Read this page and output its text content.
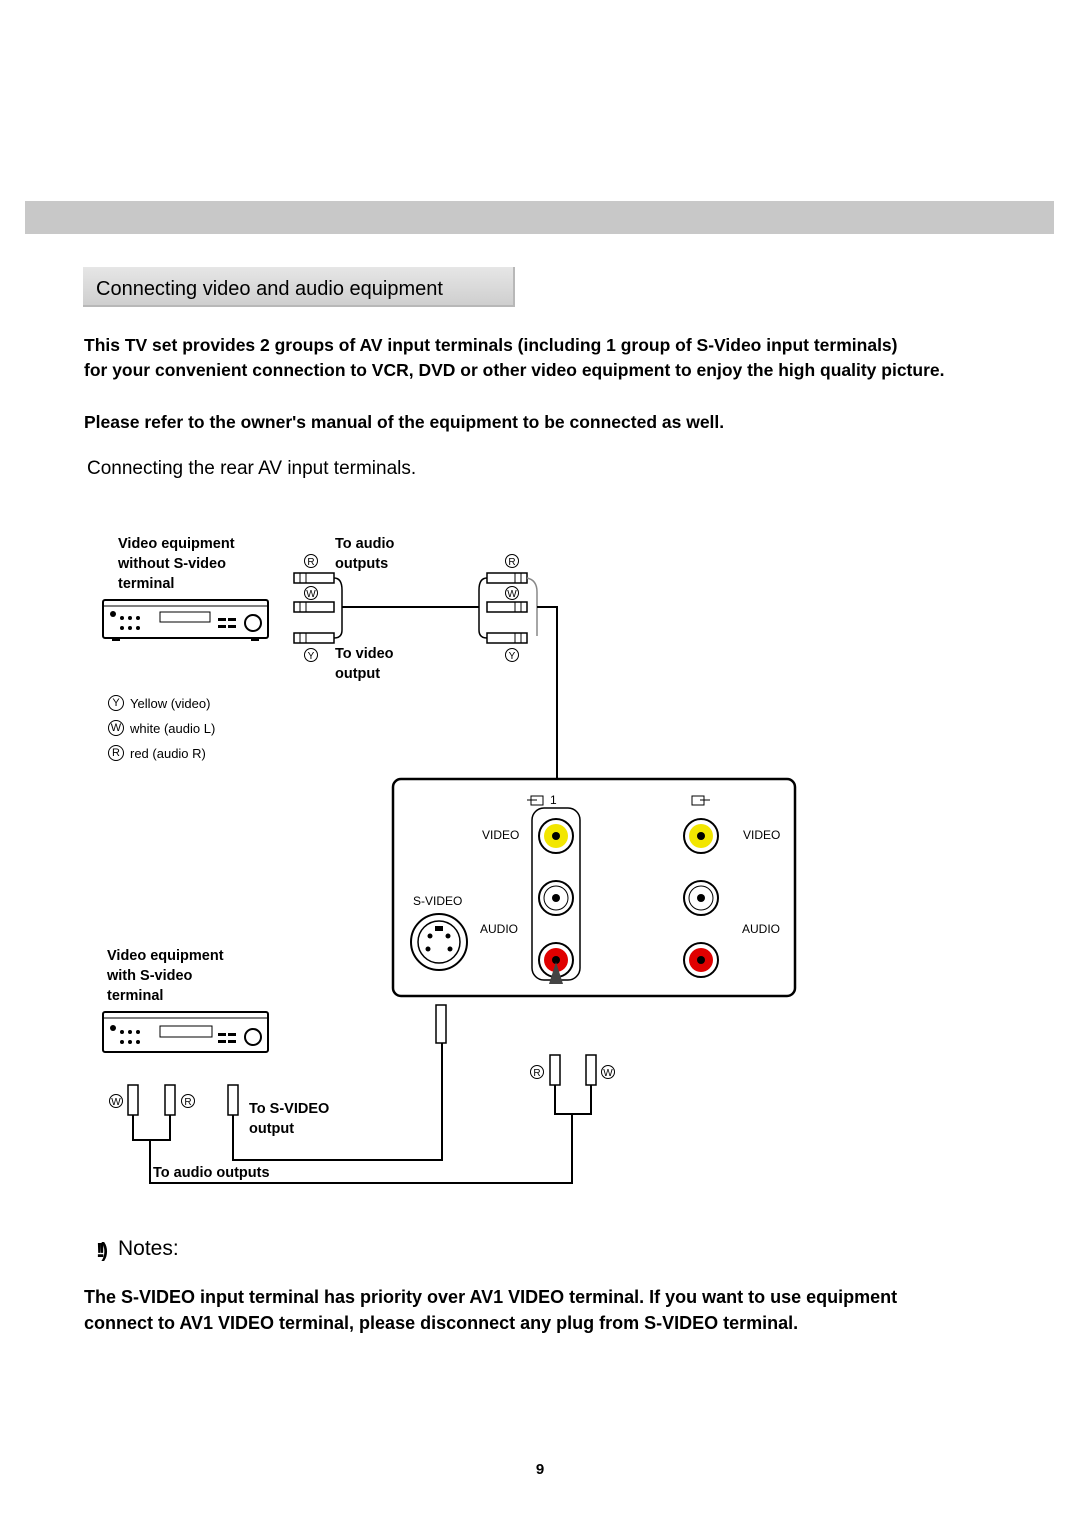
Connecting video and audio equipment
This TV set provides 2 groups of AV input terminals (including 1 group of S-Video input terminals)
for your convenient connection to VCR, DVD or other video equipment to enjoy the high quality picture.
Please refer to the owner's manual of the equipment to be connected as well.
Connecting the rear AV input terminals.
R
W
Y
R
W
Y
W	R
R	W
Video equipment
without S-video
terminal
To audio
outputs
To video
output
Y Yellow (video)
W white (audio L)
R red (audio R)
1
VIDEO	VIDEO
S-VIDEO
AUDIO	AUDIO
Video equipment
with S-video
terminal
To S-VIDEO
output
To audio outputs
!!) Notes:
The S-VIDEO input terminal has priority over AV1 VIDEO terminal. If you want to use equipment
connect to AV1 VIDEO terminal, please disconnect any plug from S-VIDEO terminal.
9
